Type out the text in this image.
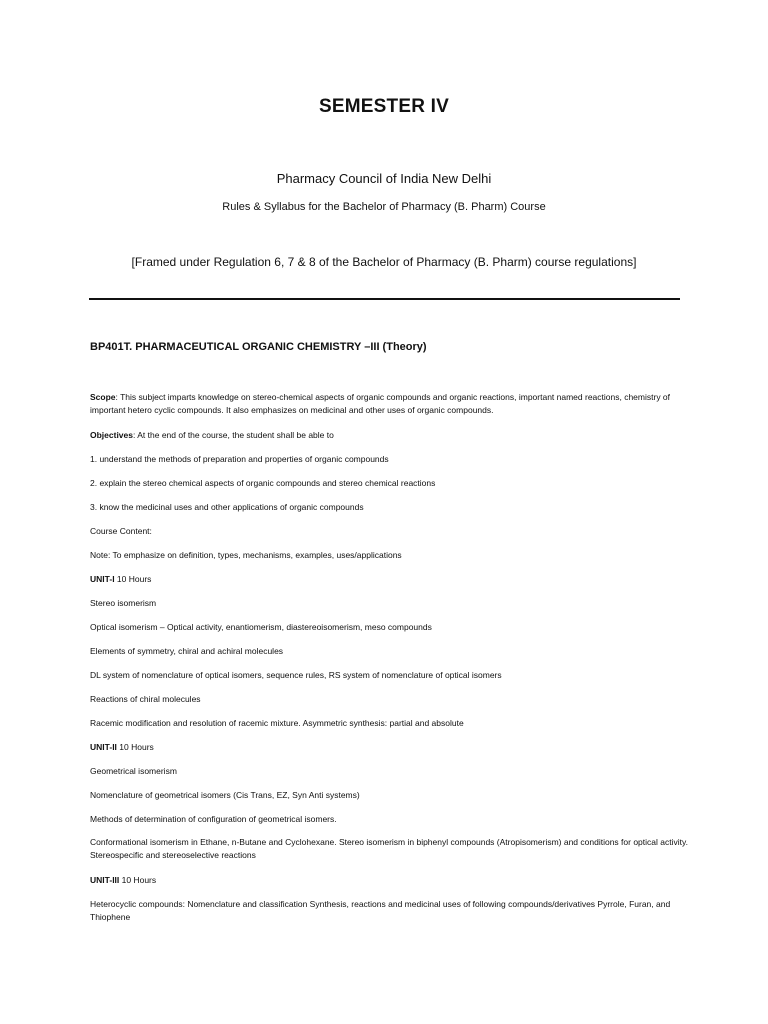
SEMESTER IV
Pharmacy Council of India New Delhi
Rules & Syllabus for the Bachelor of Pharmacy (B. Pharm) Course
[Framed under Regulation 6, 7 & 8 of the Bachelor of Pharmacy (B. Pharm) course regulations]
BP401T. PHARMACEUTICAL ORGANIC CHEMISTRY –III (Theory)
Scope: This subject imparts knowledge on stereo-chemical aspects of organic compounds and organic reactions, important named reactions, chemistry of important hetero cyclic compounds. It also emphasizes on medicinal and other uses of organic compounds.
Objectives: At the end of the course, the student shall be able to
1. understand the methods of preparation and properties of organic compounds
2. explain the stereo chemical aspects of organic compounds and stereo chemical reactions
3. know the medicinal uses and other applications of organic compounds
Course Content:
Note: To emphasize on definition, types, mechanisms, examples, uses/applications
UNIT-I 10 Hours
Stereo isomerism
Optical isomerism – Optical activity, enantiomerism, diastereoisomerism, meso compounds
Elements of symmetry, chiral and achiral molecules
DL system of nomenclature of optical isomers, sequence rules, RS system of nomenclature of optical isomers
Reactions of chiral molecules
Racemic modification and resolution of racemic mixture. Asymmetric synthesis: partial and absolute
UNIT-II 10 Hours
Geometrical isomerism
Nomenclature of geometrical isomers (Cis Trans, EZ, Syn Anti systems)
Methods of determination of configuration of geometrical isomers.
Conformational isomerism in Ethane, n-Butane and Cyclohexane. Stereo isomerism in biphenyl compounds (Atropisomerism) and conditions for optical activity. Stereospecific and stereoselective reactions
UNIT-III 10 Hours
Heterocyclic compounds: Nomenclature and classification Synthesis, reactions and medicinal uses of following compounds/derivatives Pyrrole, Furan, and Thiophene
